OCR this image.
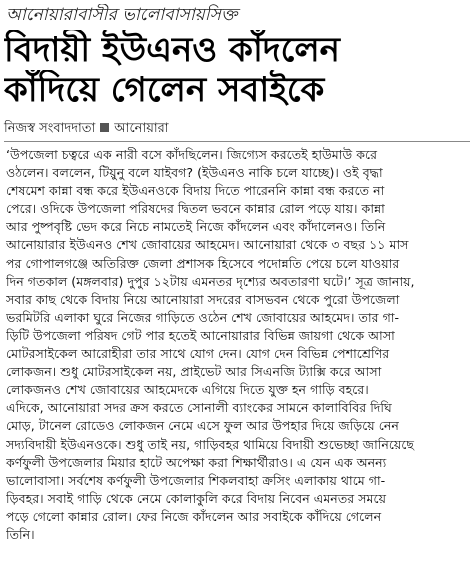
আনোয়ারাবাসীর ভালোবাসায়সিক্ত
বিদায়ী ইউএনও কাঁদলেন
কাঁদিয়ে গেলেন সবাইকে
নিজস্ব সংবাদদাতা আনোয়ারা
‘উপজেলা চত্বরে এক নারী বসে কাঁদছিলেন। জিগ্যেস করতেই হাউমাউ করে
ওঠলেন। বললেন, টিয়ুনু বলে যাইবগ? (ইউএনও নাকি চলে যাচ্ছে)। ওই বৃদ্ধা
শেষমেশ কান্না বন্ধ করে ইউএনওকে বিদায় দিতে পারেননি কান্না বন্ধ করতে না
পেরে। ওদিকে উপজেলা পরিষদের দ্বিতল ভবনে কান্নার রোল পড়ে যায়। কান্না
আর পুষ্পবৃষ্টি ভেদ করে নিচে নামতেই নিজে কাঁদলেন এবং কাঁদালেনও। তিনি
আনোয়ারার ইউএনও শেখ জোবায়ের আহমেদ। আনোয়ারা থেকে ৩ বছর ১১ মাস
পর গোপালগঞ্জে অতিরিক্ত জেলা প্রশাসক হিসেবে পদোন্নতি পেয়ে চলে যাওয়ার
দিন গতকাল (মঙ্গলবার) দুপুর ১২টায় এমনতর দৃশ্যের অবতারণা ঘটে।’ সূত্র জানায়,
সবার কাছ থেকে বিদায় নিয়ে আনোয়ারা সদরের বাসভবন থেকে পুরো উপজেলা
ভরমিটরি এলাকা ঘুরে নিজের গাড়িতে ওঠেন শেখ জোবায়ের আহমেদ। তার গা-
ড়িটি উপজেলা পরিষদ গেট পার হতেই আনোয়ারার বিভিন্ন জায়গা থেকে আসা
মোটরসাইকেল আরোহীরা তার সাথে যোগ দেন। যোগ দেন বিভিন্ন পেশাশ্রেণির
লোকজন। শুধু মোটরসাইকেল নয়, প্রাইভেট আর সিএনজি ট্যাক্সি করে আসা
লোকজনও শেখ জোবায়ের আহমেদকে এগিয়ে দিতে যুক্ত হন গাড়ি বহরে।
এদিকে, আনোয়ারা সদর ক্রস করতে সোনালী ব্যাংকের সামনে কালাবিবির দিঘি
মোড়, টানেল রোডেও লোকজন নেমে এসে ফুল আর উপহার দিয়ে জড়িয়ে নেন
সদ্যবিদায়ী ইউএনওকে। শুধু তাই নয়, গাড়িবহর থামিয়ে বিদায়ী শুভেচ্ছা জানিয়েছে
কর্ণফুলী উপজেলার মিয়ার হাটে অপেক্ষা করা শিক্ষার্থীরাও। এ যেন এক অনন্য
ভালোবাসা। সর্বশেষ কর্ণফুলী উপজেলার শিকলবাহা ক্রসিং এলাকায় থামে গা-
ড়িবহর। সবাই গাড়ি থেকে নেমে কোলাকুলি করে বিদায় নিবেন এমনতর সময়ে
পড়ে গেলো কান্নার রোল। ফের নিজে কাঁদলেন আর সবাইকে কাঁদিয়ে গেলেন
তিনি।
